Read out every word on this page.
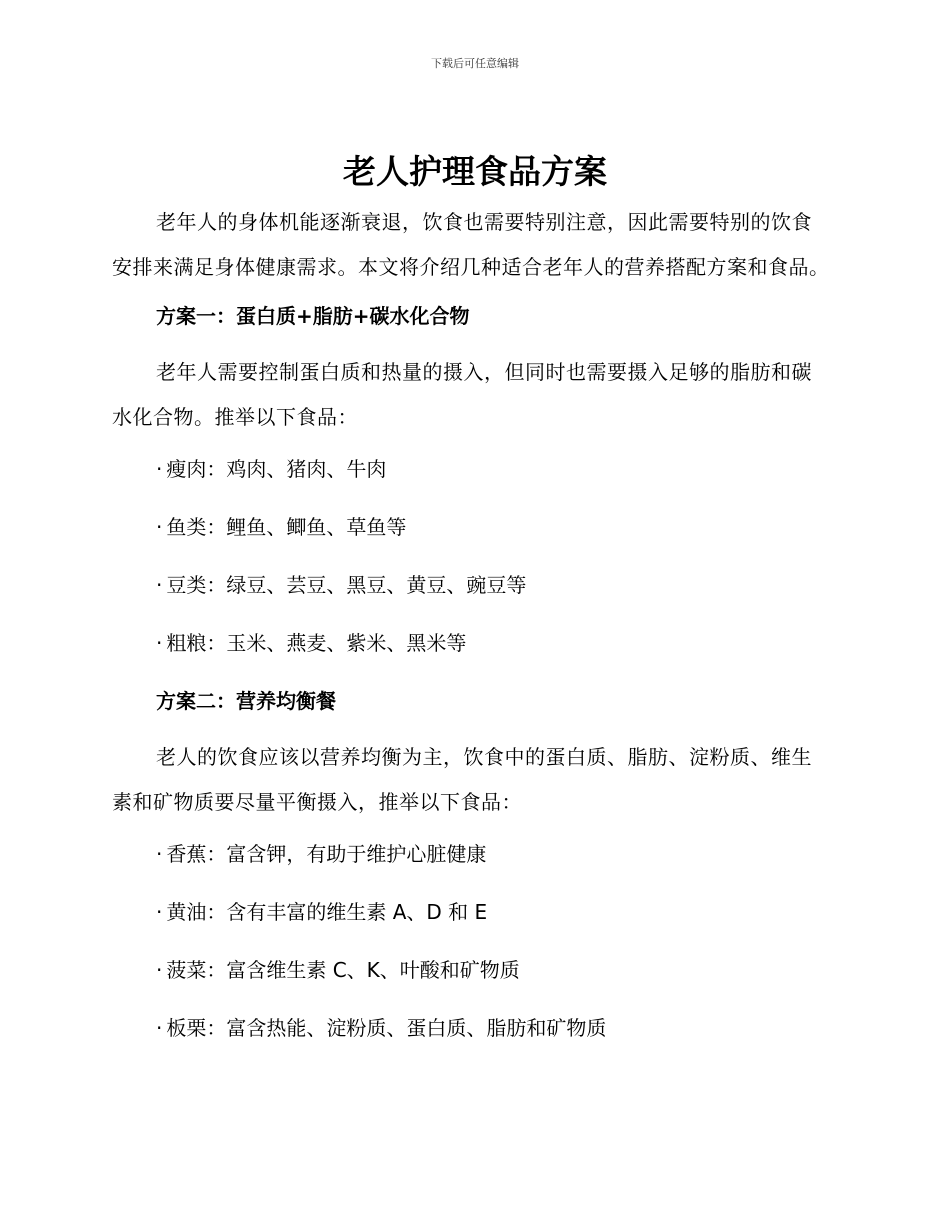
下载后可任意编辑
老人护理食品方案

老年人的身体机能逐渐衰退，饮食也需要特别注意，因此需要特别的饮食安排来满足身体健康需求。本文将介绍几种适合老年人的营养搭配方案和食品。

方案一：蛋白质+脂肪+碳水化合物

老年人需要控制蛋白质和热量的摄入，但同时也需要摄入足够的脂肪和碳水化合物。推举以下食品：

· 瘦肉：鸡肉、猪肉、牛肉

· 鱼类：鲤鱼、鲫鱼、草鱼等

· 豆类：绿豆、芸豆、黑豆、黄豆、豌豆等

· 粗粮：玉米、燕麦、紫米、黑米等

方案二：营养均衡餐

老人的饮食应该以营养均衡为主，饮食中的蛋白质、脂肪、淀粉质、维生素和矿物质要尽量平衡摄入，推举以下食品：

· 香蕉：富含钾，有助于维护心脏健康

· 黄油：含有丰富的维生素 A、D 和 E

· 菠菜：富含维生素 C、K、叶酸和矿物质

· 板栗：富含热能、淀粉质、蛋白质、脂肪和矿物质
